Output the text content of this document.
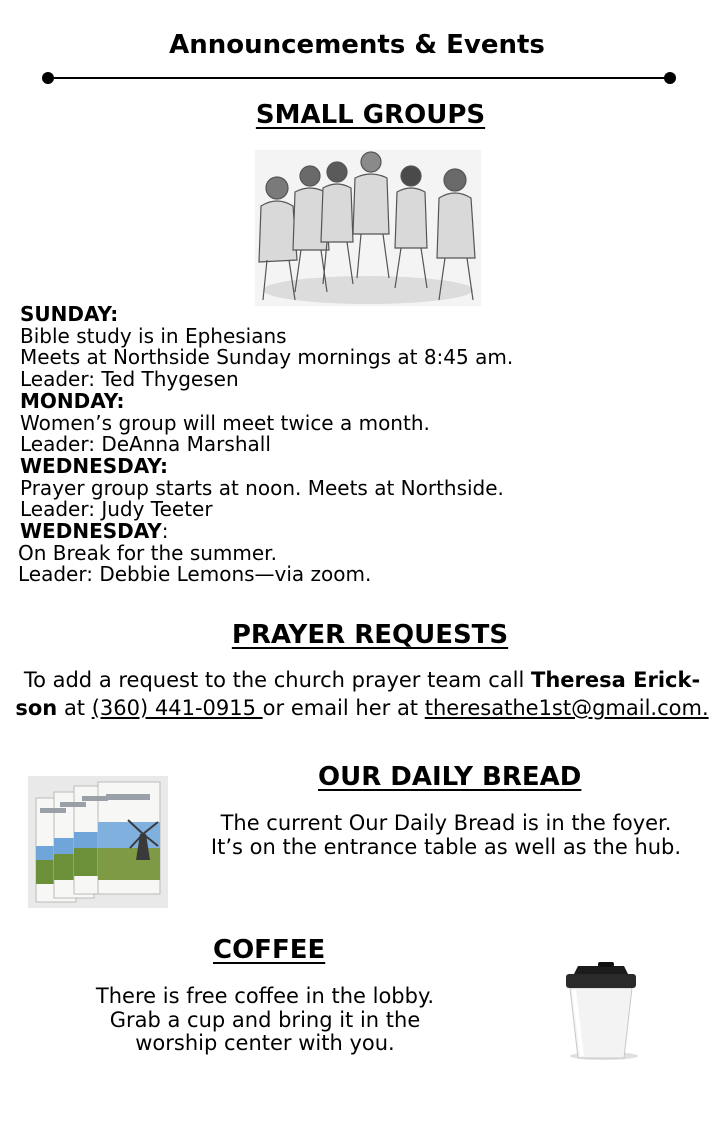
Announcements & Events
SMALL GROUPS
SUNDAY:
Bible study is in Ephesians
Meets at Northside Sunday mornings at 8:45 am.
Leader: Ted Thygesen
MONDAY:
Women’s group will meet twice a month.
Leader: DeAnna Marshall
WEDNESDAY:
Prayer group starts at noon. Meets at Northside.
Leader: Judy Teeter
WEDNESDAY:
On Break for the summer.
Leader: Debbie Lemons—via zoom.
PRAYER REQUESTS
To add a request to the church prayer team call Theresa Erick-
son at (360) 441-0915 or email her at theresathe1st@gmail.com.
OUR DAILY BREAD
The current Our Daily Bread is in the foyer.
It’s on the entrance table as well as the hub.
COFFEE
There is free coffee in the lobby.
Grab a cup and bring it in the
worship center with you.
